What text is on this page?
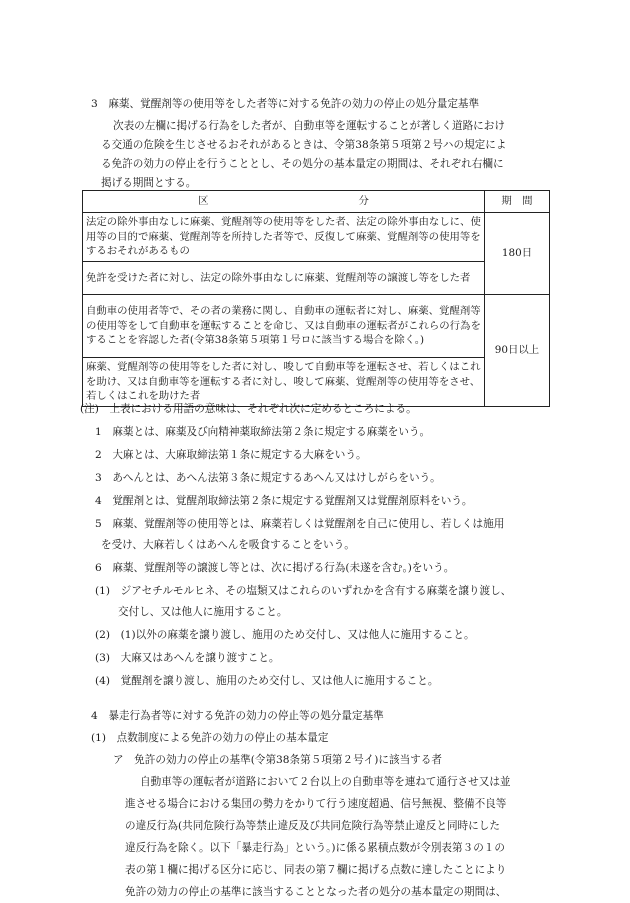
3　麻薬、覚醒剤等の使用等をした者等に対する免許の効力の停止の処分量定基準
次表の左欄に掲げる行為をした者が、自動車等を運転することが著しく道路におけ
る交通の危険を生じさせるおそれがあるときは、令第38条第５項第２号ハの規定によ
る免許の効力の停止を行うこととし、その処分の基本量定の期間は、それぞれ右欄に
掲げる期間とする。
区 分	期　間

法定の除外事由なしに麻薬、覚醒剤等の使用等をした者、法定の除外事由なしに、使用等の目的で麻薬、覚醒剤等を所持した者等で、反復して麻薬、覚醒剤等の使用等をするおそれがあるもの	180日

免許を受けた者に対し、法定の除外事由なしに麻薬、覚醒剤等の譲渡し等をした者	

自動車の使用者等で、その者の業務に関し、自動車の運転者に対し、麻薬、覚醒剤等の使用等をして自動車を運転することを命じ、又は自動車の運転者がこれらの行為をすることを容認した者(令第38条第５項第１号ロに該当する場合を除く。)	90日以上

麻薬、覚醒剤等の使用等をした者に対し、唆して自動車等を運転させ、若しくはこれを助け、又は自動車等を運転する者に対し、唆して麻薬、覚醒剤等の使用等をさせ、若しくはこれを助けた者	
(注)　上表における用語の意味は、それぞれ次に定めるところによる。
1　麻薬とは、麻薬及び向精神薬取締法第２条に規定する麻薬をいう。
2　大麻とは、大麻取締法第１条に規定する大麻をいう。
3　あへんとは、あへん法第３条に規定するあへん又はけしがらをいう。
4　覚醒剤とは、覚醒剤取締法第２条に規定する覚醒剤又は覚醒剤原料をいう。
5　麻薬、覚醒剤等の使用等とは、麻薬若しくは覚醒剤を自己に使用し、若しくは施用
を受け、大麻若しくはあへんを吸食することをいう。
6　麻薬、覚醒剤等の譲渡し等とは、次に掲げる行為(未遂を含む。)をいう。
(1)　ジアセチルモルヒネ、その塩類又はこれらのいずれかを含有する麻薬を譲り渡し、
交付し、又は他人に施用すること。
(2)　(1)以外の麻薬を譲り渡し、施用のため交付し、又は他人に施用すること。
(3)　大麻又はあへんを譲り渡すこと。
(4)　覚醒剤を譲り渡し、施用のため交付し、又は他人に施用すること。
4　暴走行為者等に対する免許の効力の停止等の処分量定基準
(1)　点数制度による免許の効力の停止の基本量定
ア　免許の効力の停止の基準(令第38条第５項第２号イ)に該当する者
自動車等の運転者が道路において２台以上の自動車等を連ねて通行させ又は並
進させる場合における集団の勢力をかりて行う速度超過、信号無視、整備不良等
の違反行為(共同危険行為等禁止違反及び共同危険行為等禁止違反と同時にした
違反行為を除く。以下「暴走行為」という。)に係る累積点数が令別表第３の１の
表の第１欄に掲げる区分に応じ、同表の第７欄に掲げる点数に達したことにより
免許の効力の停止の基準に該当することとなった者の処分の基本量定の期間は、
